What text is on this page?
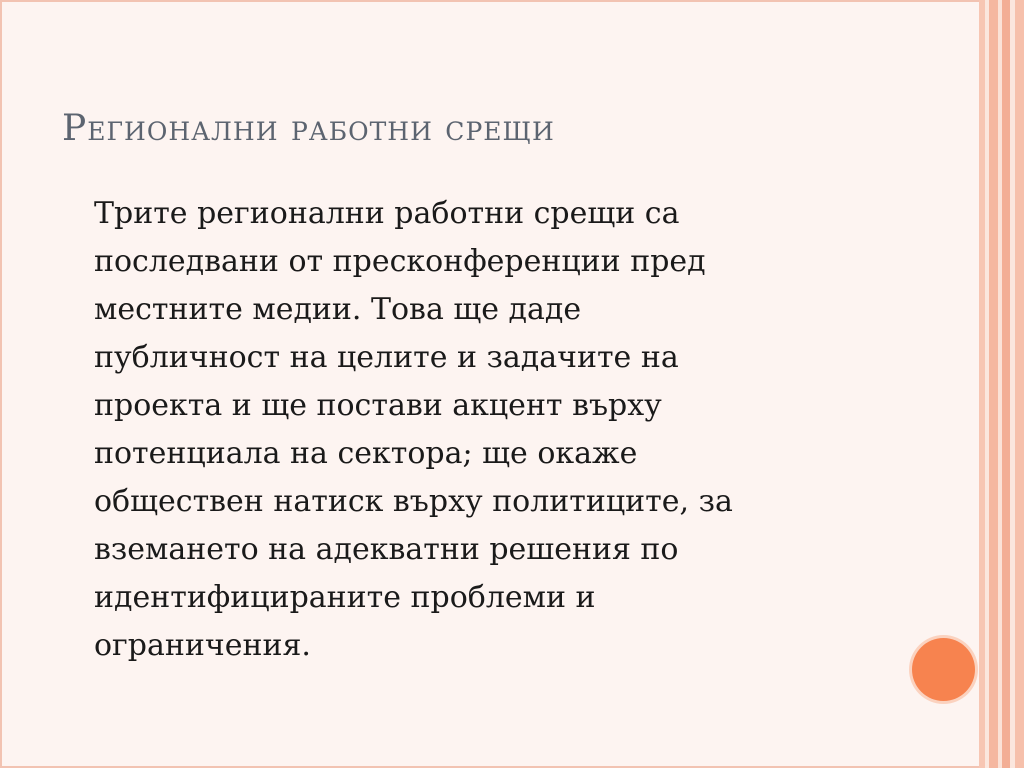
Регионални работни срещи

Трите регионални работни срещи са
последвани от пресконференции пред
местните медии. Това ще даде
публичност на целите и задачите на
проекта и ще постави акцент върху
потенциала на сектора; ще окаже
обществен натиск върху политиците, за
вземането на адекватни решения по
идентифицираните проблеми и
ограничения.
